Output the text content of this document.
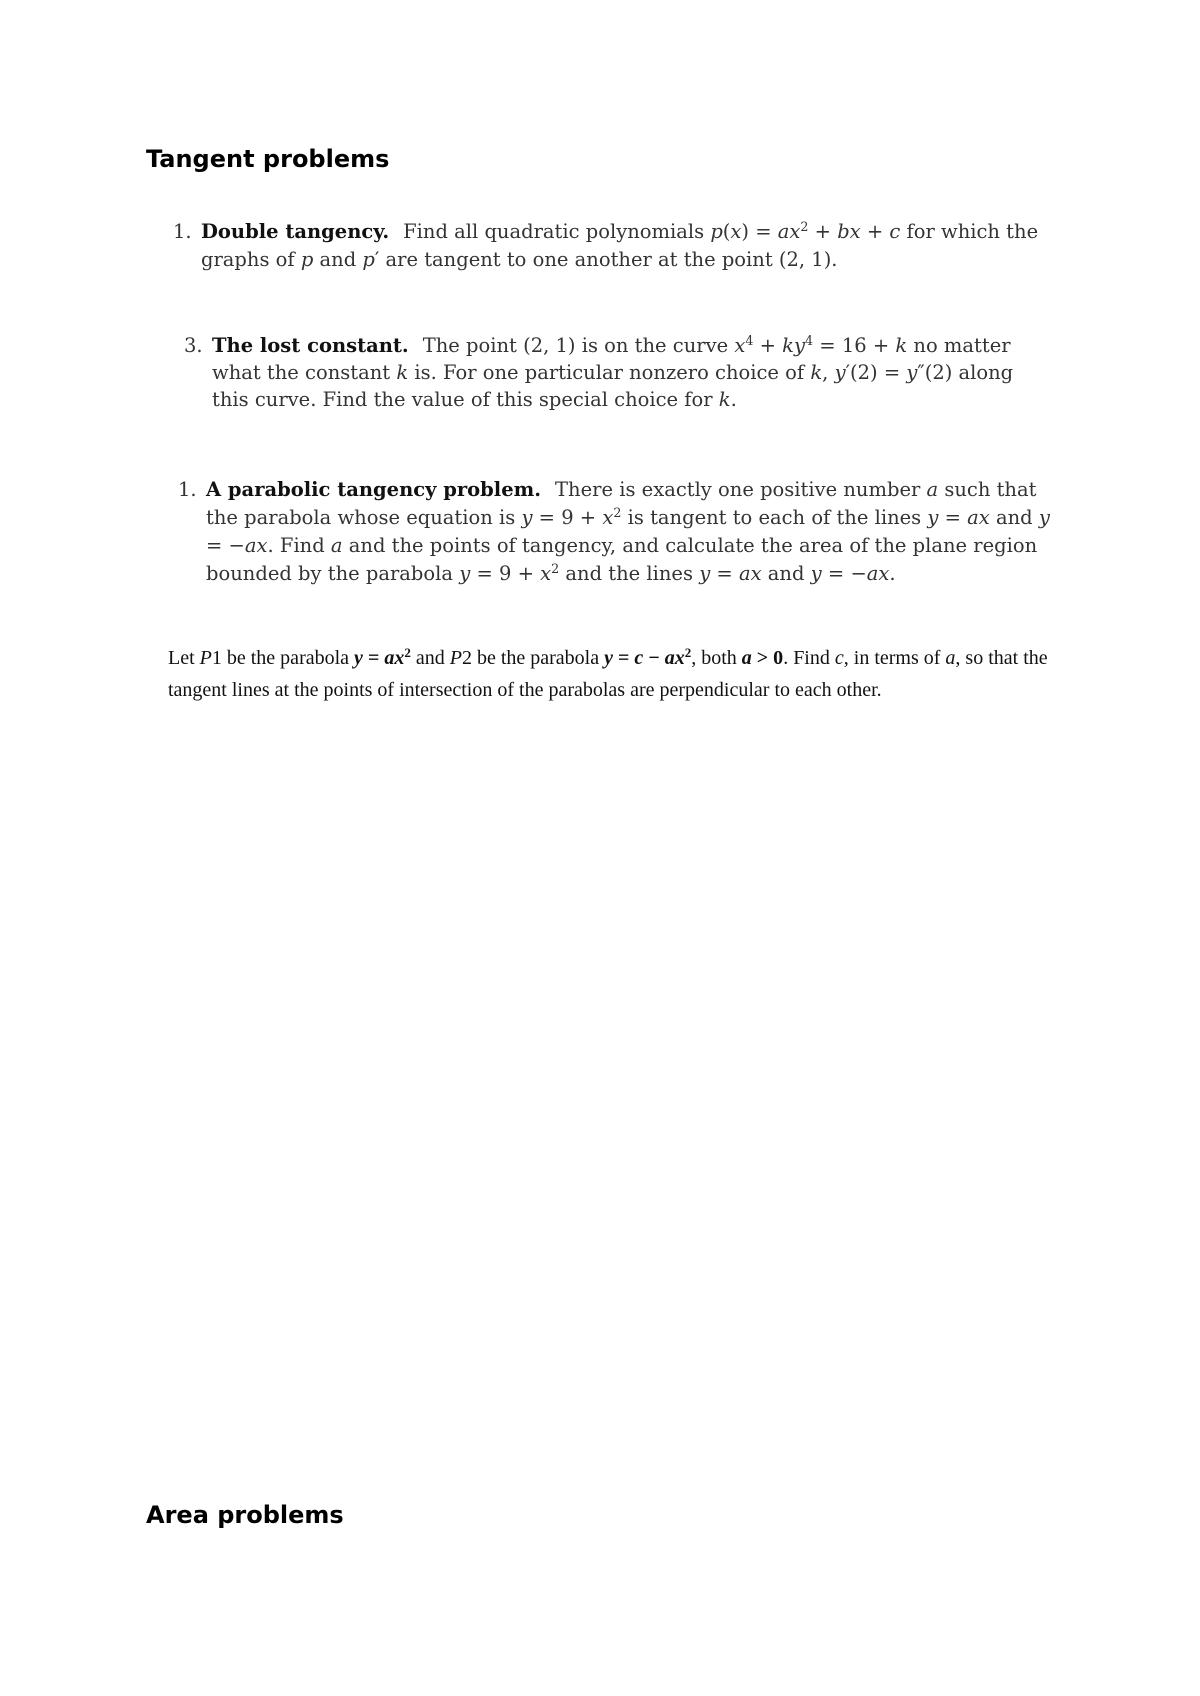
Tangent problems
1. Double tangency. Find all quadratic polynomials $p(x) = ax^2$ + bx + c for which the graphs of p and p′ are tangent to one another at the point (2, 1).
3. The lost constant. The point (2, 1) is on the curve $x^4 + ky^4 = 16 + k$ no matter what the constant k is. For one particular nonzero choice of k, y′(2) = y″(2) along this curve. Find the value of this special choice for k.
1. A parabolic tangency problem. There is exactly one positive number a such that the parabola whose equation is $y = 9 + x^2$ is tangent to each of the lines y = ax and y = −ax. Find a and the points of tangency, and calculate the area of the plane region bounded by the parabola $y = 9 + x^2$ and the lines y = ax and y = −ax.
Let P1 be the parabola $y = ax^2$ and P2 be the parabola $y = c - ax^2$, both a > 0. Find c, in terms of a, so that the tangent lines at the points of intersection of the parabolas are perpendicular to each other.
Area problems
